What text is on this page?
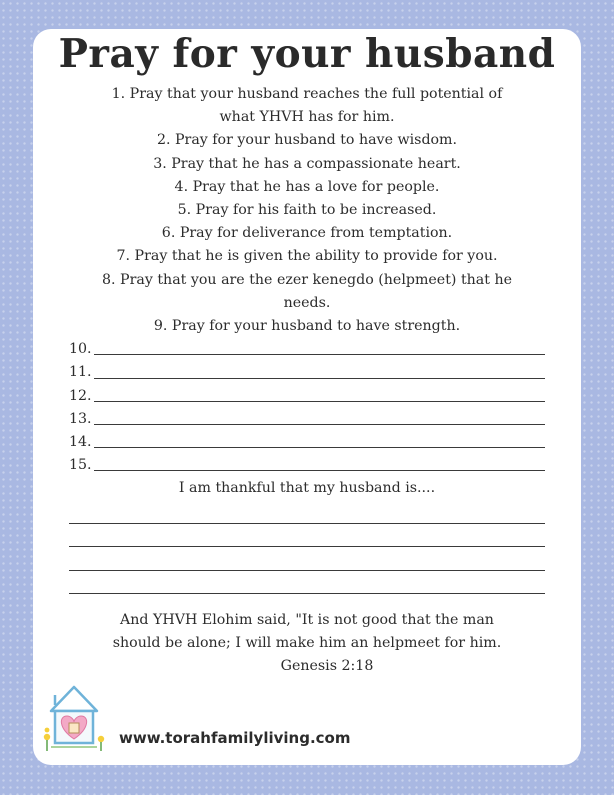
Pray for your husband
1. Pray that your husband reaches the full potential of
what YHVH has for him.
2. Pray for your husband to have wisdom.
3. Pray that he has a compassionate heart.
4. Pray that he has a love for people.
5. Pray for his faith to be increased.
6. Pray for deliverance from temptation.
7. Pray that he is given the ability to provide for you.
8. Pray that you are the ezer kenegdo (helpmeet) that he
needs.
9. Pray for your husband to have strength.
10.
11.
12.
13.
14.
15.
I am thankful that my husband is....
And YHVH Elohim said, "It is not good that the man
should be alone; I will make him an helpmeet for him.
Genesis 2:18
www.torahfamilyliving.com
